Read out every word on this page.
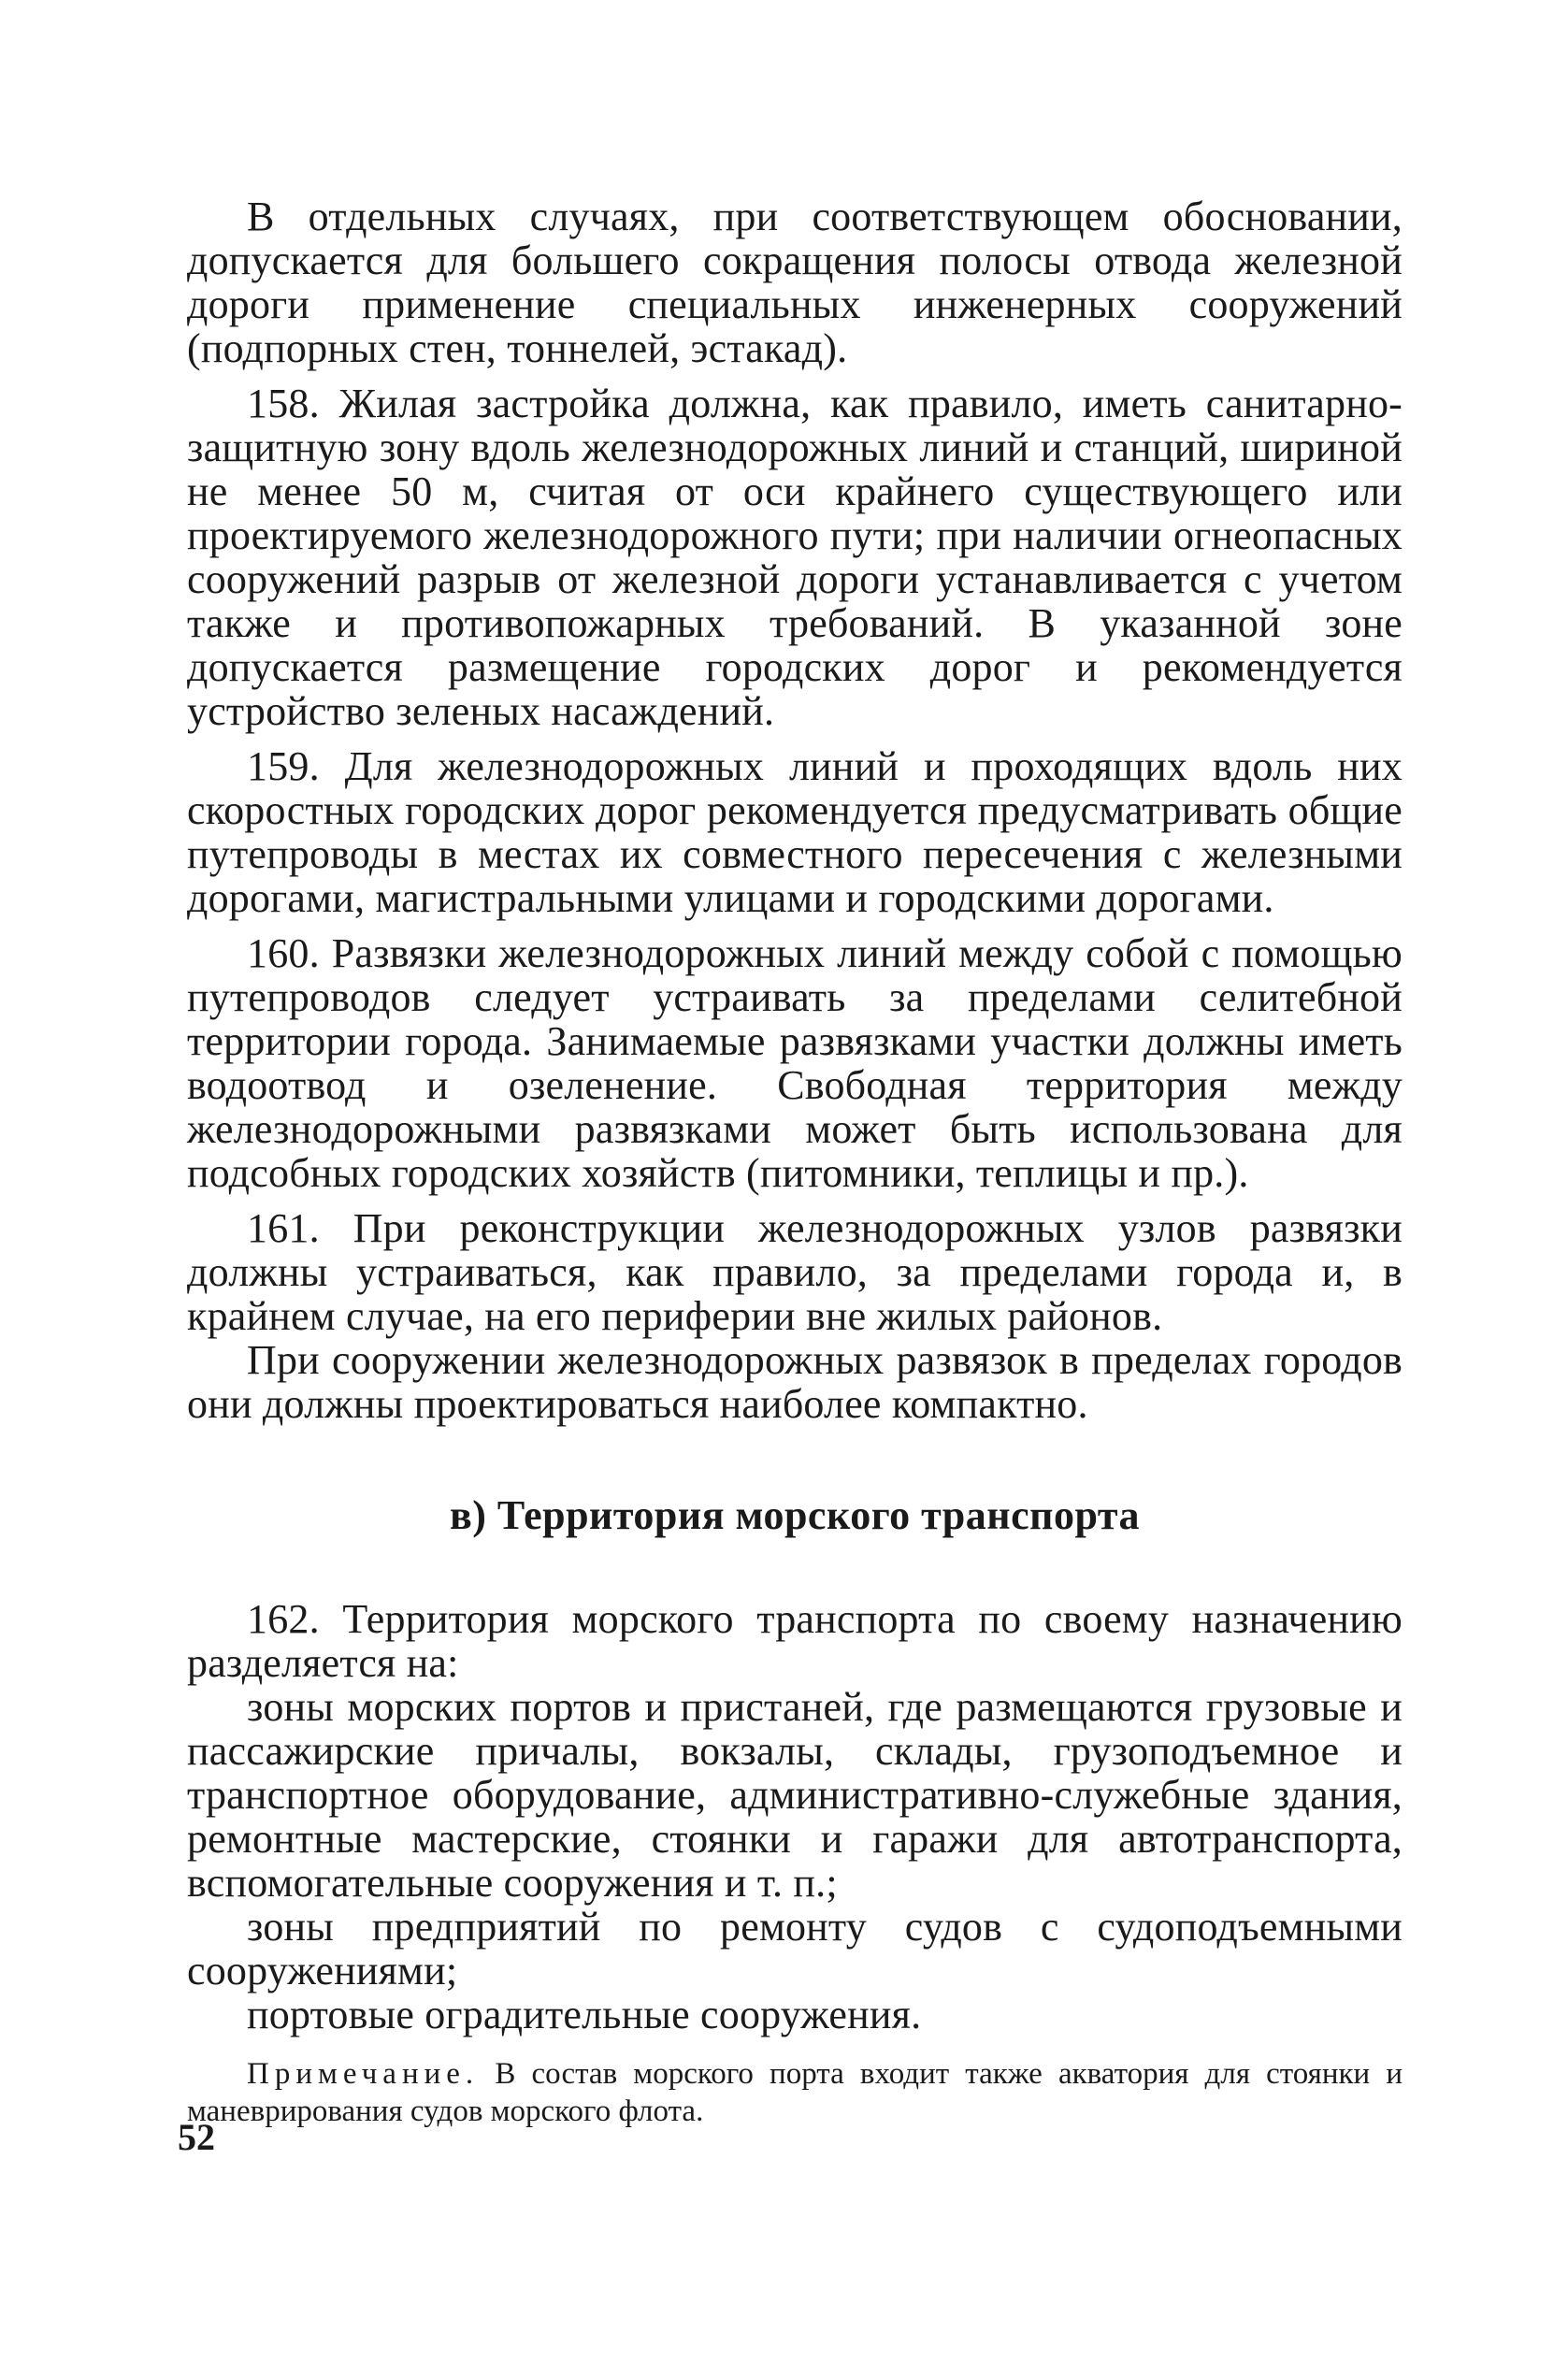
В отдельных случаях, при соответствующем обосновании, допускается для большего сокращения полосы отвода железной дороги применение специальных инженерных сооружений (подпорных стен, тоннелей, эстакад).

158. Жилая застройка должна, как правило, иметь санитарно-защитную зону вдоль железнодорожных линий и станций, шириной не менее 50 м, считая от оси крайнего существующего или проектируемого железнодорожного пути; при наличии огнеопасных сооружений разрыв от железной дороги устанавливается с учетом также и противопожарных требований. В указанной зоне допускается размещение городских дорог и рекомендуется устройство зеленых насаждений.

159. Для железнодорожных линий и проходящих вдоль них скоростных городских дорог рекомендуется предусматривать общие путепроводы в местах их совместного пересечения с железными дорогами, магистральными улицами и городскими дорогами.

160. Развязки железнодорожных линий между собой с помощью путепроводов следует устраивать за пределами селитебной территории города. Занимаемые развязками участки должны иметь водоотвод и озеленение. Свободная территория между железнодорожными развязками может быть использована для подсобных городских хозяйств (питомники, теплицы и пр.).

161. При реконструкции железнодорожных узлов развязки должны устраиваться, как правило, за пределами города и, в крайнем случае, на его периферии вне жилых районов.

При сооружении железнодорожных развязок в пределах городов они должны проектироваться наиболее компактно.

в) Территория морского транспорта

162. Территория морского транспорта по своему назначению разделяется на:

зоны морских портов и пристаней, где размещаются грузовые и пассажирские причалы, вокзалы, склады, грузоподъемное и транспортное оборудование, административно-служебные здания, ремонтные мастерские, стоянки и гаражи для автотранспорта, вспомогательные сооружения и т. п.;

зоны предприятий по ремонту судов с судоподъемными сооружениями;

портовые оградительные сооружения.

Примечание. В состав морского порта входит также акватория для стоянки и маневрирования судов морского флота.

52
